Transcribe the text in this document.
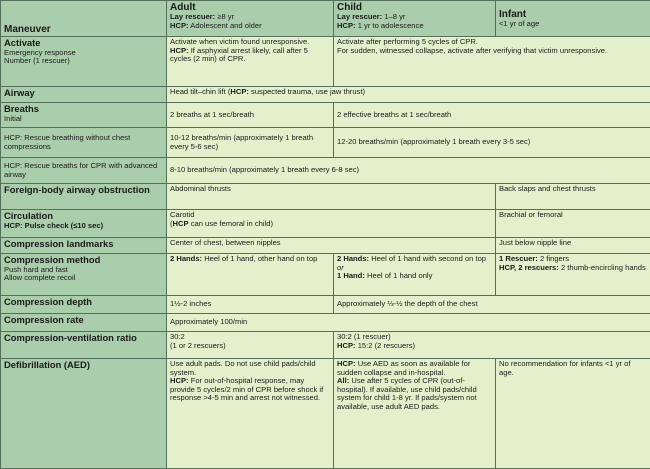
Maneuver	Adult
Lay rescuer: ≥8 yr
HCP: Adolescent and older	Child
Lay rescuer: 1–8 yr
HCP: 1 yr to adolescence	Infant
<1 yr of age

Activate
Emergency response
Number (1 rescuer)	Activate when victim found unresponsive.
HCP: If asphyxial arrest likely, call after 5 cycles (2 min) of CPR.	Activate after performing 5 cycles of CPR.
For sudden, witnessed collapse, activate after verifying that victim unresponsive.	

Airway	Head tilt–chin lift (HCP: suspected trauma, use jaw thrust)		

Breaths
Initial	2 breaths at 1 sec/breath	2 effective breaths at 1 sec/breath	
HCP: Rescue breathing without chest compressions	10-12 breaths/min (approximately 1 breath every 5-6 sec)	12-20 breaths/min (approximately 1 breath every 3-5 sec)	
HCP: Rescue breaths for CPR with advanced airway	8-10 breaths/min (approximately 1 breath every 6-8 sec)		
Foreign-body airway obstruction	Abdominal thrusts		Back slaps and chest thrusts

Circulation
HCP: Pulse check (≤10 sec)	Carotid
(HCP can use femoral in child)		Brachial or femoral
Compression landmarks	Center of chest, between nipples		Just below nipple line

Compression method
Push hard and fast
Allow complete recoil	2 Hands: Heel of 1 hand, other hand on top	2 Hands: Heel of 1 hand with second on top or
1 Hand: Heel of 1 hand only	1 Rescuer: 2 fingers
HCP, 2 rescuers: 2 thumb-encircling hands

Compression depth	1½-2 inches	Approximately ⅓-½ the depth of the chest	
Compression rate	Approximately 100/min		
Compression-ventilation ratio	30:2
(1 or 2 rescuers)	30:2 (1 rescuer)
HCP: 15:2 (2 rescuers)	

Defibrillation (AED)	Use adult pads. Do not use child pads/child system.
HCP: For out-of-hospital response, may provide 5 cycles/2 min of CPR before shock if response >4-5 min and arrest not witnessed.	HCP: Use AED as soon as available for sudden collapse and in-hospital.
All: Use after 5 cycles of CPR (out-of-hospital). If available, use child pads/child system for child 1-8 yr. If pads/system not available, use adult AED pads.	No recommendation for infants <1 yr of age.
